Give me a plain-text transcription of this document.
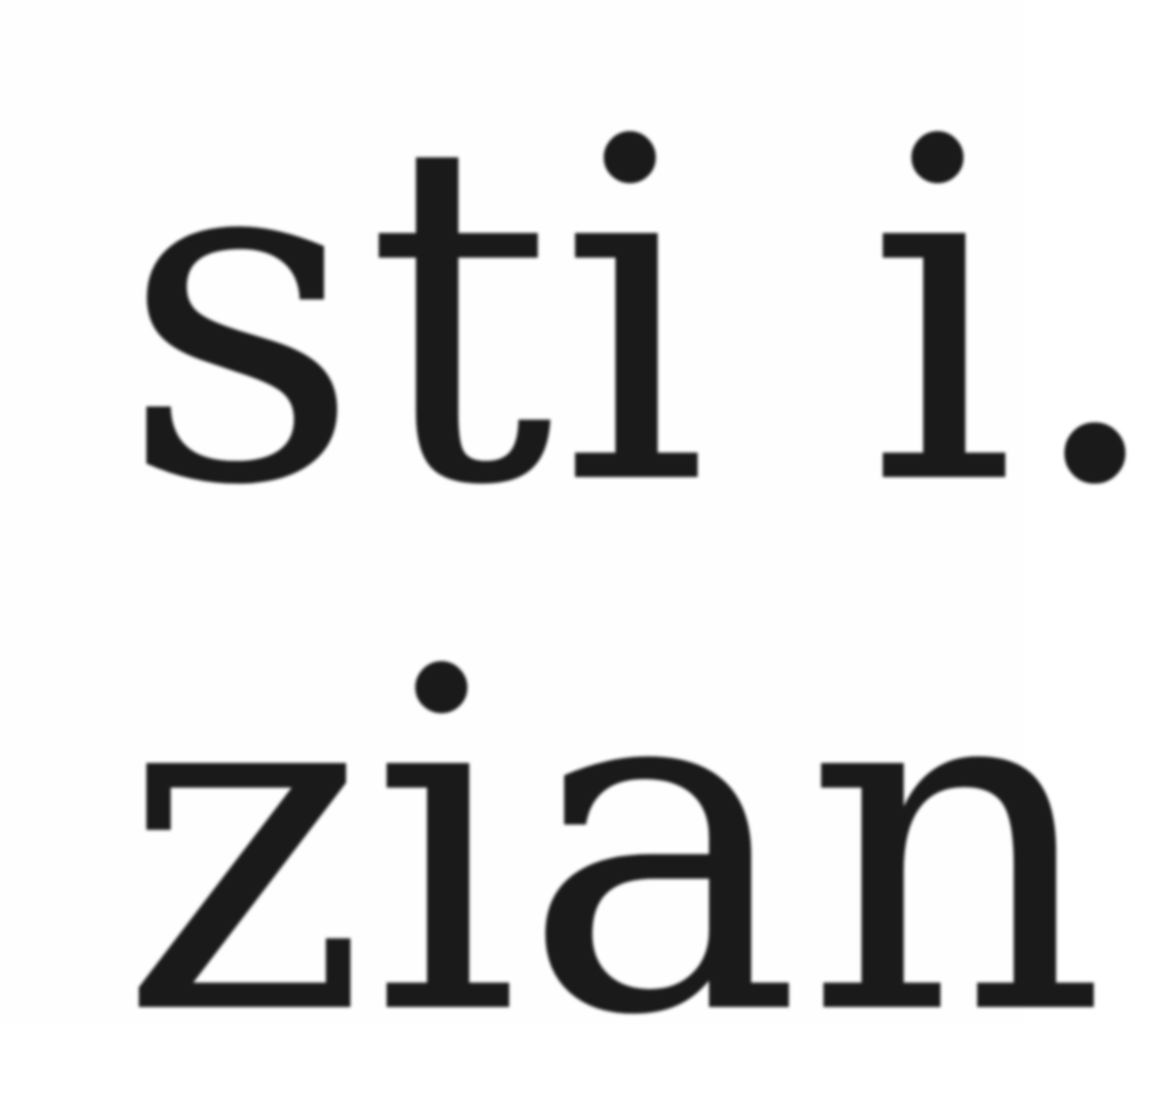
sti i.

zian
